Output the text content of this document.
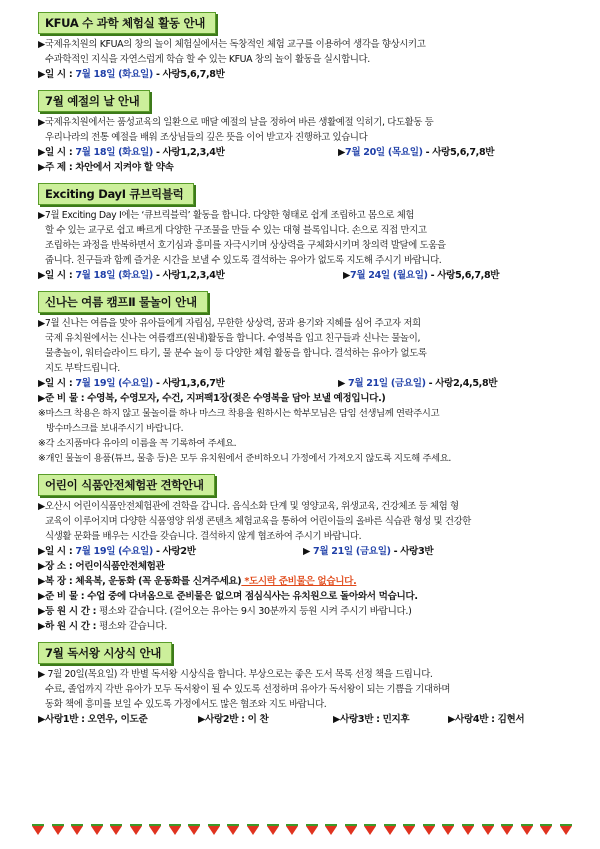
KFUA 수 과학 체험실 활동 안내

▶국제유치원의 KFUA의 창의 놀이 체험실에서는 독창적인 체험 교구를 이용하여 생각을 향상시키고

수과학적인 지식을 자연스럽게 학습 할 수 있는 KFUA 창의 놀이 활동을 실시합니다.

▶일 시 : 7월 18일 (화요일) - 사랑5,6,7,8반
7월 예절의 날 안내

▶국제유치원에서는 품성교육의 일환으로 매달 예절의 날을 정하여 바른 생활예절 익히기, 다도활동 등

우리나라의 전통 예절을 배워 조상님들의 깊은 뜻을 이어 받고자 진행하고 있습니다

▶일 시 : 7월 18일 (화요일) - 사랑1,2,3,4반	▶7월 20일 (목요일) - 사랑5,6,7,8반
▶주 제 : 차안에서 지켜야 할 약속
Exciting DayⅠ 큐브릭블럭

▶7월 Exciting Day Ⅰ에는 ‘큐브릭블럭’ 활동을 합니다. 다양한 형태로 쉽게 조립하고 몸으로 체험

할 수 있는 교구로 쉽고 빠르게 다양한 구조물을 만들 수 있는 대형 블록입니다. 손으로 직접 만지고

조립하는 과정을 반복하면서 호기심과 흥미를 자극시키며 상상력을 구체화시키며 창의력 발달에 도움을

줍니다. 친구들과 함께 즐거운 시간을 보낼 수 있도록 결석하는 유아가 없도록 지도해 주시기 바랍니다.

▶일 시 : 7월 18일 (화요일) - 사랑1,2,3,4반	▶7월 24일 (월요일) - 사랑5,6,7,8반
신나는 여름 캠프Ⅱ 물놀이 안내

▶7월 신나는 여름을 맞아 유아들에게 자립심, 무한한 상상력, 꿈과 용기와 지혜를 심어 주고자 저희

국제 유치원에서는 신나는 여름캠프(원내)활동을 합니다. 수영복을 입고 친구들과 신나는 물놀이,

물총놀이, 워터슬라이드 타기, 물 분수 놀이 등 다양한 체험 활동을 합니다. 결석하는 유아가 없도록

지도 부탁드립니다.

▶일 시 : 7월 19일 (수요일) - 사랑1,3,6,7반	▶ 7월 21일 (금요일) - 사랑2,4,5,8반
▶준 비 물 : 수영복, 수영모자, 수건, 지퍼팩1장(젖은 수영복을 담아 보낼 예정입니다.)

※마스크 착용은 하지 않고 물놀이를 하나 마스크 착용을 원하시는 학부모님은 담임 선생님께 연락주시고

방수마스크를 보내주시기 바랍니다.

※각 소지품마다 유아의 이름을 꼭 기록하여 주세요.

※개인 물놀이 용품(튜브, 물총 등)은 모두 유치원에서 준비하오니 가정에서 가져오지 않도록 지도해 주세요.

어린이 식품안전체험관 견학안내

▶오산시 어린이식품안전체험관에 견학을 갑니다. 음식소화 단계 및 영양교육, 위생교육, 건강체조 등 체험 형

교육이 이루어지며 다양한 식품영양 위생 콘텐츠 체험교육을 통하여 어린이들의 올바른 식습관 형성 및 건강한

식생활 문화를 배우는 시간을 갖습니다. 결석하지 않게 협조하여 주시기 바랍니다.

▶일 시 : 7월 19일 (수요일) - 사랑2반	▶ 7월 21일 (금요일) - 사랑3반
▶장 소 : 어린이식품안전체험관
▶복 장 : 체육복, 운동화 (꼭 운동화를 신겨주세요) *도시락 준비물은 없습니다.
▶준 비 물 : 수업 중에 다녀옴으로 준비물은 없으며 점심식사는 유치원으로 돌아와서 먹습니다.
▶등 원 시 간 : 평소와 같습니다. (걸어오는 유아는 9시 30분까지 등원 시켜 주시기 바랍니다.)
▶하 원 시 간 : 평소와 같습니다.
7월 독서왕 시상식 안내

▶ 7월 20일(목요일) 각 반별 독서왕 시상식을 합니다. 부상으로는 좋은 도서 목록 선정 책을 드립니다.

수료, 졸업까지 각반 유아가 모두 독서왕이 될 수 있도록 선정하며 유아가 독서왕이 되는 기쁨을 기대하며

동화 책에 흥미를 보일 수 있도록 가정에서도 많은 협조와 지도 바랍니다.

▶사랑1반 : 오연우, 이도준	▶사랑2반 : 이 찬	▶사랑3반 : 민지후	▶사랑4반 : 김현서
